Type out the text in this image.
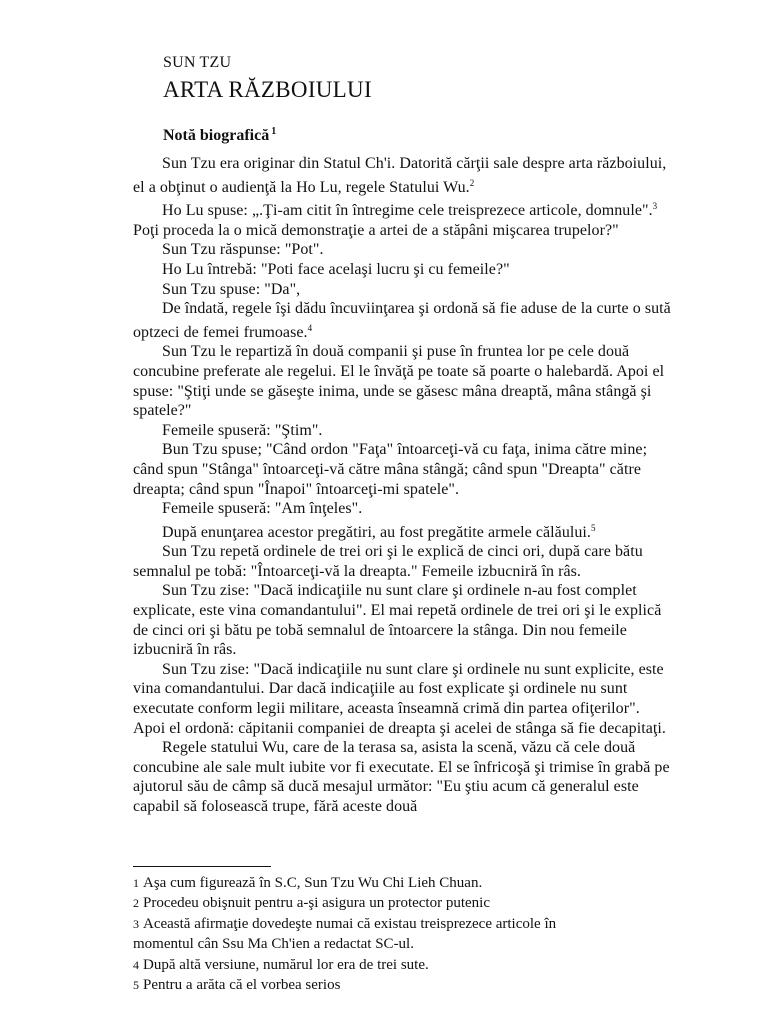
SUN TZU
ARTA RĂZBOIULUI
Notă biografică $^1$

Sun Tzu era originar din Statul Ch'i. Datorită cărţii sale despre arta războiului, el a obţinut o audienţă la Ho Lu, regele Statului Wu.$^2$

Ho Lu spuse: „.Ţi-am citit în întregime cele treisprezece articole, domnule".$^3$ Poţi proceda la o mică demonstraţie a artei de a stăpâni mişcarea trupelor?"

Sun Tzu răspunse: "Pot".

Ho Lu întrebă: "Poti face acelaşi lucru şi cu femeile?"

Sun Tzu spuse: "Da",

De îndată, regele îşi dădu încuviinţarea şi ordonă să fie aduse de la curte o sută optzeci de femei frumoase.$^4$

Sun Tzu le repartiză în două companii şi puse în fruntea lor pe cele două concubine preferate ale regelui. El le învăţă pe toate să poarte o halebardă. Apoi el spuse: "Ştiţi unde se găseşte inima, unde se găsesc mâna dreaptă, mâna stângă şi spatele?"

Femeile spuseră: "Ştim".

Bun Tzu spuse; "Când ordon "Faţa" întoarceţi-vă cu faţa, inima către mine; când spun "Stânga" întoarceţi-vă către mâna stângă; când spun "Dreapta" către dreapta; când spun "Înapoi" întoarceţi-mi spatele".

Femeile spuseră: "Am înţeles".

După enunţarea acestor pregătiri, au fost pregătite armele călăului.$^5$

Sun Tzu repetă ordinele de trei ori şi le explică de cinci ori, după care bătu semnalul pe tobă: "Întoarceţi-vă la dreapta." Femeile izbucniră în râs.

Sun Tzu zise: "Dacă indicaţiile nu sunt clare şi ordinele n-au fost complet explicate, este vina comandantului". El mai repetă ordinele de trei ori şi le explică de cinci ori şi bătu pe tobă semnalul de întoarcere la stânga. Din nou femeile izbucniră în râs.

Sun Tzu zise: "Dacă indicaţiile nu sunt clare şi ordinele nu sunt explicite, este vina comandantului. Dar dacă indicaţiile au fost explicate şi ordinele nu sunt executate conform legii militare, aceasta înseamnă crimă din partea ofiţerilor". Apoi el ordonă: căpitanii companiei de dreapta şi acelei de stânga să fie decapitaţi.

Regele statului Wu, care de la terasa sa, asista la scenă, văzu că cele două concubine ale sale mult iubite vor fi executate. El se înfricoşă şi trimise în grabă pe ajutorul său de câmp să ducă mesajul următor: "Eu ştiu acum că generalul este capabil să folosească trupe, fără aceste două

1 Aşa cum figurează în S.C, Sun Tzu Wu Chi Lieh Chuan.
2 Procedeu obişnuit pentru a-şi asigura un protector putenic
3 Această afirmaţie dovedeşte numai că existau treisprezece articole în
momentul cân Ssu Ma Ch'ien a redactat SC-ul.
4 După altă versiune, numărul lor era de trei sute.
5 Pentru a arăta că el vorbea serios
